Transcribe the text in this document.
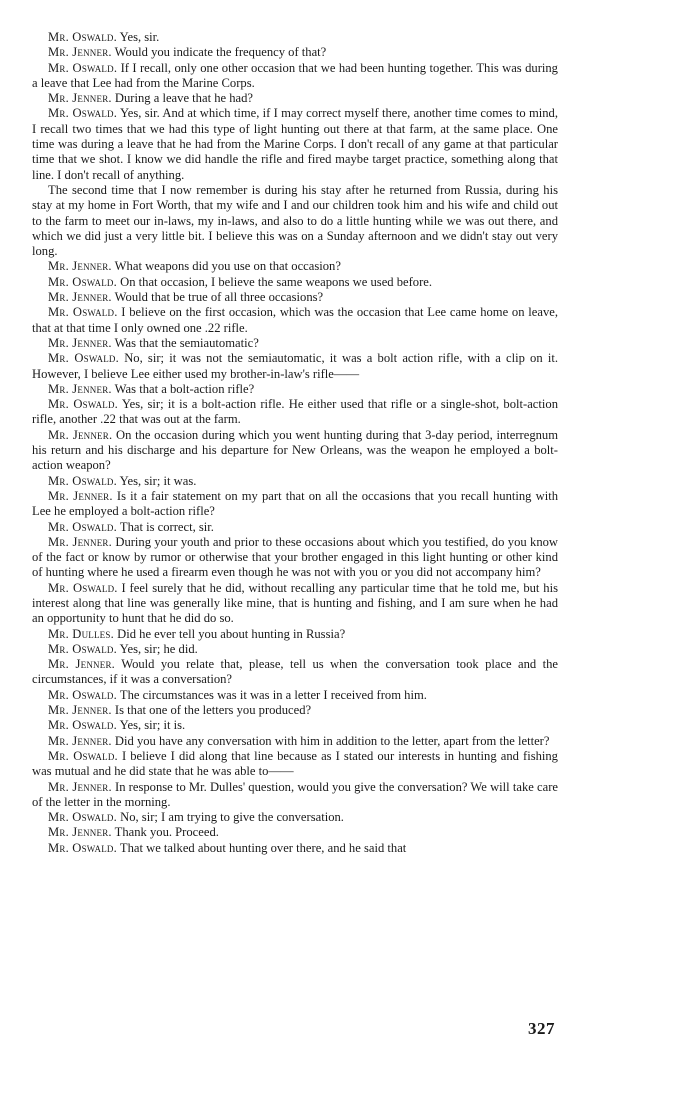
Mr. Oswald. Yes, sir.

Mr. Jenner. Would you indicate the frequency of that?

Mr. Oswald. If I recall, only one other occasion that we had been hunting together. This was during a leave that Lee had from the Marine Corps.

Mr. Jenner. During a leave that he had?

Mr. Oswald. Yes, sir. And at which time, if I may correct myself there, another time comes to mind, I recall two times that we had this type of light hunting out there at that farm, at the same place. One time was during a leave that he had from the Marine Corps. I don't recall of any game at that particular time that we shot. I know we did handle the rifle and fired maybe target practice, something along that line. I don't recall of anything.

The second time that I now remember is during his stay after he returned from Russia, during his stay at my home in Fort Worth, that my wife and I and our children took him and his wife and child out to the farm to meet our in-laws, my in-laws, and also to do a little hunting while we was out there, and which we did just a very little bit. I believe this was on a Sunday afternoon and we didn't stay out very long.

Mr. Jenner. What weapons did you use on that occasion?

Mr. Oswald. On that occasion, I believe the same weapons we used before.

Mr. Jenner. Would that be true of all three occasions?

Mr. Oswald. I believe on the first occasion, which was the occasion that Lee came home on leave, that at that time I only owned one .22 rifle.

Mr. Jenner. Was that the semiautomatic?

Mr. Oswald. No, sir; it was not the semiautomatic, it was a bolt action rifle, with a clip on it. However, I believe Lee either used my brother-in-law's rifle——

Mr. Jenner. Was that a bolt-action rifle?

Mr. Oswald. Yes, sir; it is a bolt-action rifle. He either used that rifle or a single-shot, bolt-action rifle, another .22 that was out at the farm.

Mr. Jenner. On the occasion during which you went hunting during that 3-day period, interregnum his return and his discharge and his departure for New Orleans, was the weapon he employed a bolt-action weapon?

Mr. Oswald. Yes, sir; it was.

Mr. Jenner. Is it a fair statement on my part that on all the occasions that you recall hunting with Lee he employed a bolt-action rifle?

Mr. Oswald. That is correct, sir.

Mr. Jenner. During your youth and prior to these occasions about which you testified, do you know of the fact or know by rumor or otherwise that your brother engaged in this light hunting or other kind of hunting where he used a firearm even though he was not with you or you did not accompany him?

Mr. Oswald. I feel surely that he did, without recalling any particular time that he told me, but his interest along that line was generally like mine, that is hunting and fishing, and I am sure when he had an opportunity to hunt that he did do so.

Mr. Dulles. Did he ever tell you about hunting in Russia?

Mr. Oswald. Yes, sir; he did.

Mr. Jenner. Would you relate that, please, tell us when the conversation took place and the circumstances, if it was a conversation?

Mr. Oswald. The circumstances was it was in a letter I received from him.

Mr. Jenner. Is that one of the letters you produced?

Mr. Oswald. Yes, sir; it is.

Mr. Jenner. Did you have any conversation with him in addition to the letter, apart from the letter?

Mr. Oswald. I believe I did along that line because as I stated our interests in hunting and fishing was mutual and he did state that he was able to——

Mr. Jenner. In response to Mr. Dulles' question, would you give the conversation? We will take care of the letter in the morning.

Mr. Oswald. No, sir; I am trying to give the conversation.

Mr. Jenner. Thank you. Proceed.

Mr. Oswald. That we talked about hunting over there, and he said that

327
